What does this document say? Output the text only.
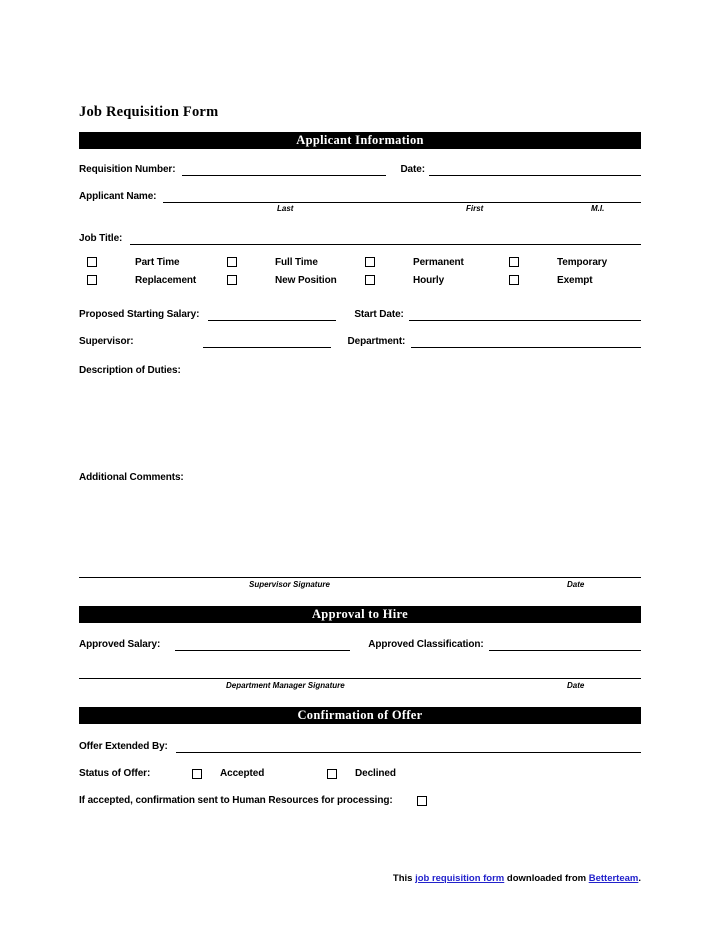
Job Requisition Form
Applicant Information
Requisition Number:	Date:
Applicant Name:
Last	First	M.I.
Job Title:
Part Time	Full Time	Permanent	Temporary
Replacement	New Position	Hourly	Exempt
Proposed Starting Salary:	Start Date:
Supervisor:	Department:
Description of Duties:
Additional Comments:
Supervisor Signature	Date
Approval to Hire
Approved Salary:	Approved Classification:
Department Manager Signature	Date
Confirmation of Offer
Offer Extended By:
Status of Offer:	Accepted	Declined
If accepted, confirmation sent to Human Resources for processing:
This job requisition form downloaded from Betterteam.
